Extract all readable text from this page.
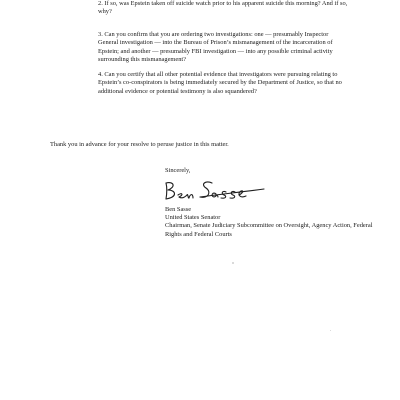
2. If so, was Epstein taken off suicide watch prior to his apparent suicide this morning? And if so, why?

3. Can you confirm that you are ordering two investigations: one — presumably Inspector General investigation — into the Bureau of Prison’s mismanagement of the incarceration of Epstein; and another — presumably FBI investigation — into any possible criminal activity surrounding this mismanagement?

4. Can you certify that all other potential evidence that investigators were pursuing relating to Epstein’s co-conspirators is being immediately secured by the Department of Justice, so that no additional evidence or potential testimony is also squandered?

Thank you in advance for your resolve to peruse justice in this matter.

Sincerely,

Ben Sasse
United States Senator
Chairman, Senate Judiciary Subcommittee on Oversight, Agency Action, Federal Rights and Federal Courts
